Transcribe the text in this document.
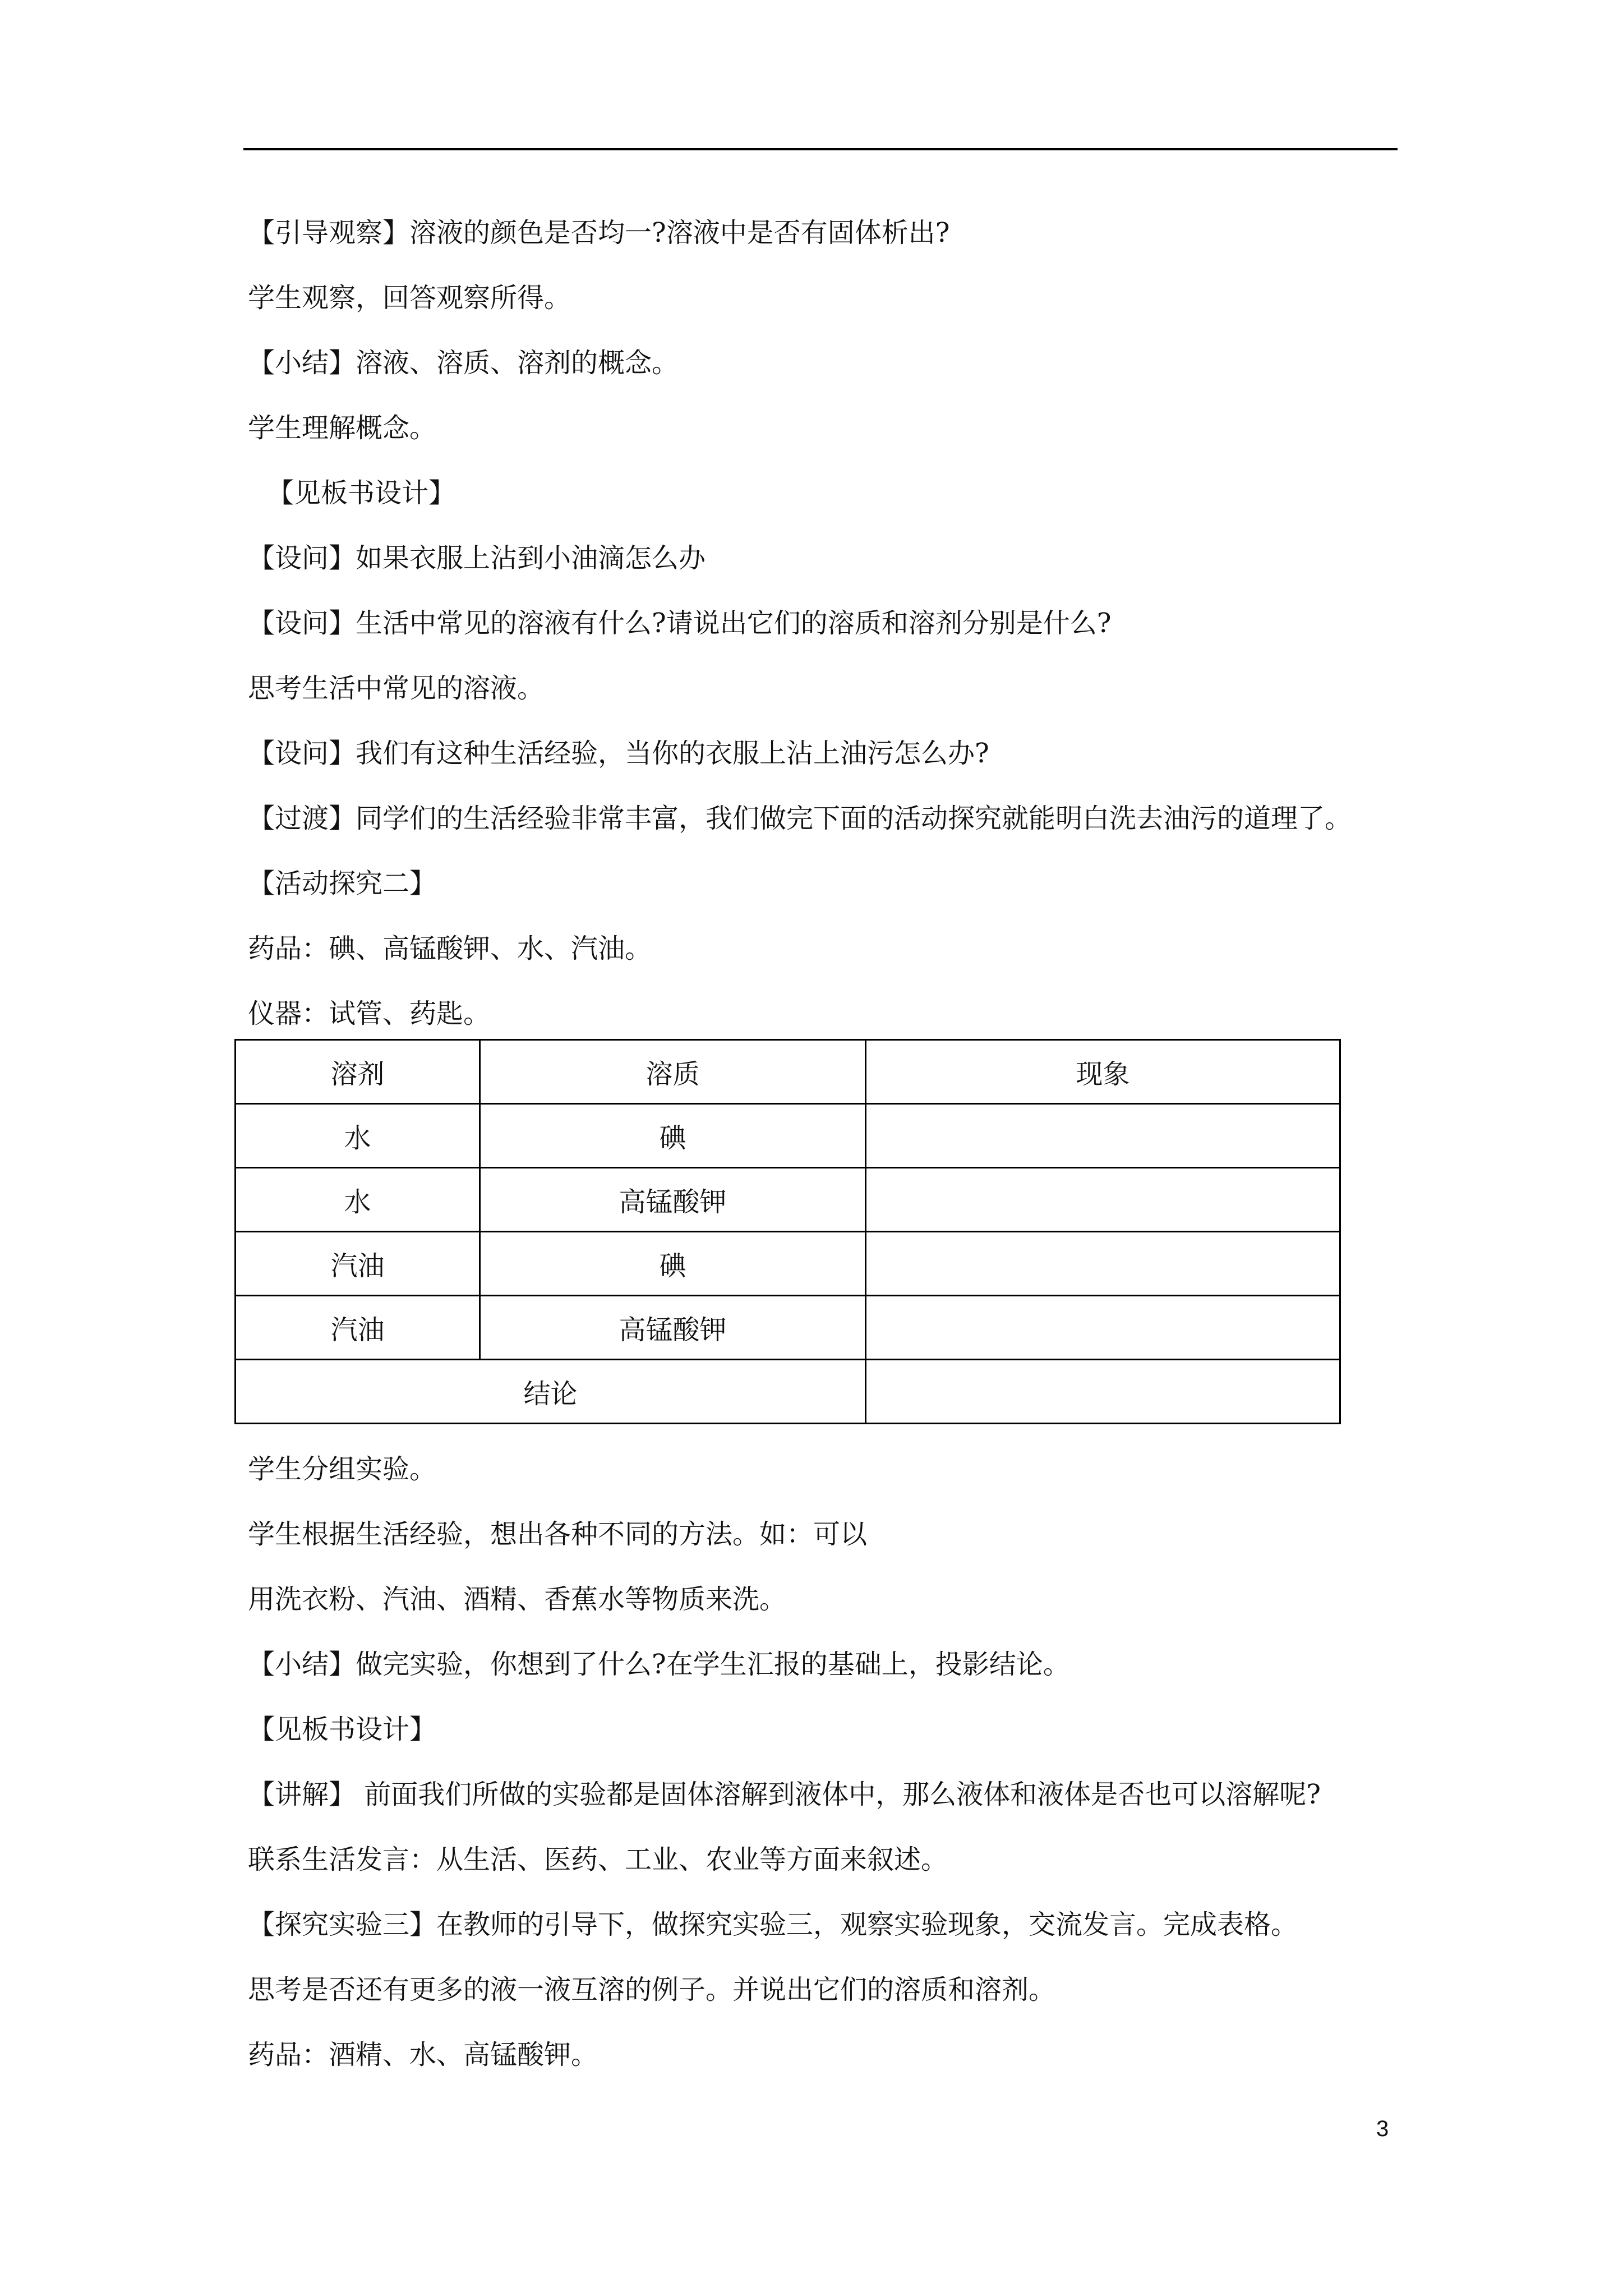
【引导观察】溶液的颜色是否均一?溶液中是否有固体析出?

学生观察，回答观察所得。

【小结】溶液、溶质、溶剂的概念。

学生理解概念。

【见板书设计】

【设问】如果衣服上沾到小油滴怎么办

【设问】生活中常见的溶液有什么?请说出它们的溶质和溶剂分别是什么?

思考生活中常见的溶液。

【设问】我们有这种生活经验，当你的衣服上沾上油污怎么办?

【过渡】同学们的生活经验非常丰富，我们做完下面的活动探究就能明白洗去油污的道理了。

【活动探究二】

药品：碘、高锰酸钾、水、汽油。

仪器：试管、药匙。

溶剂	溶质	现象
水	碘	
水	高锰酸钾	
汽油	碘	
汽油	高锰酸钾	
结论		

学生分组实验。

学生根据生活经验，想出各种不同的方法。如：可以

用洗衣粉、汽油、酒精、香蕉水等物质来洗。

【小结】做完实验，你想到了什么?在学生汇报的基础上，投影结论。

【见板书设计】

【讲解】 前面我们所做的实验都是固体溶解到液体中，那么液体和液体是否也可以溶解呢?

联系生活发言：从生活、医药、工业、农业等方面来叙述。

【探究实验三】在教师的引导下，做探究实验三，观察实验现象，交流发言。完成表格。

思考是否还有更多的液一液互溶的例子。并说出它们的溶质和溶剂。

药品：酒精、水、高锰酸钾。

3
